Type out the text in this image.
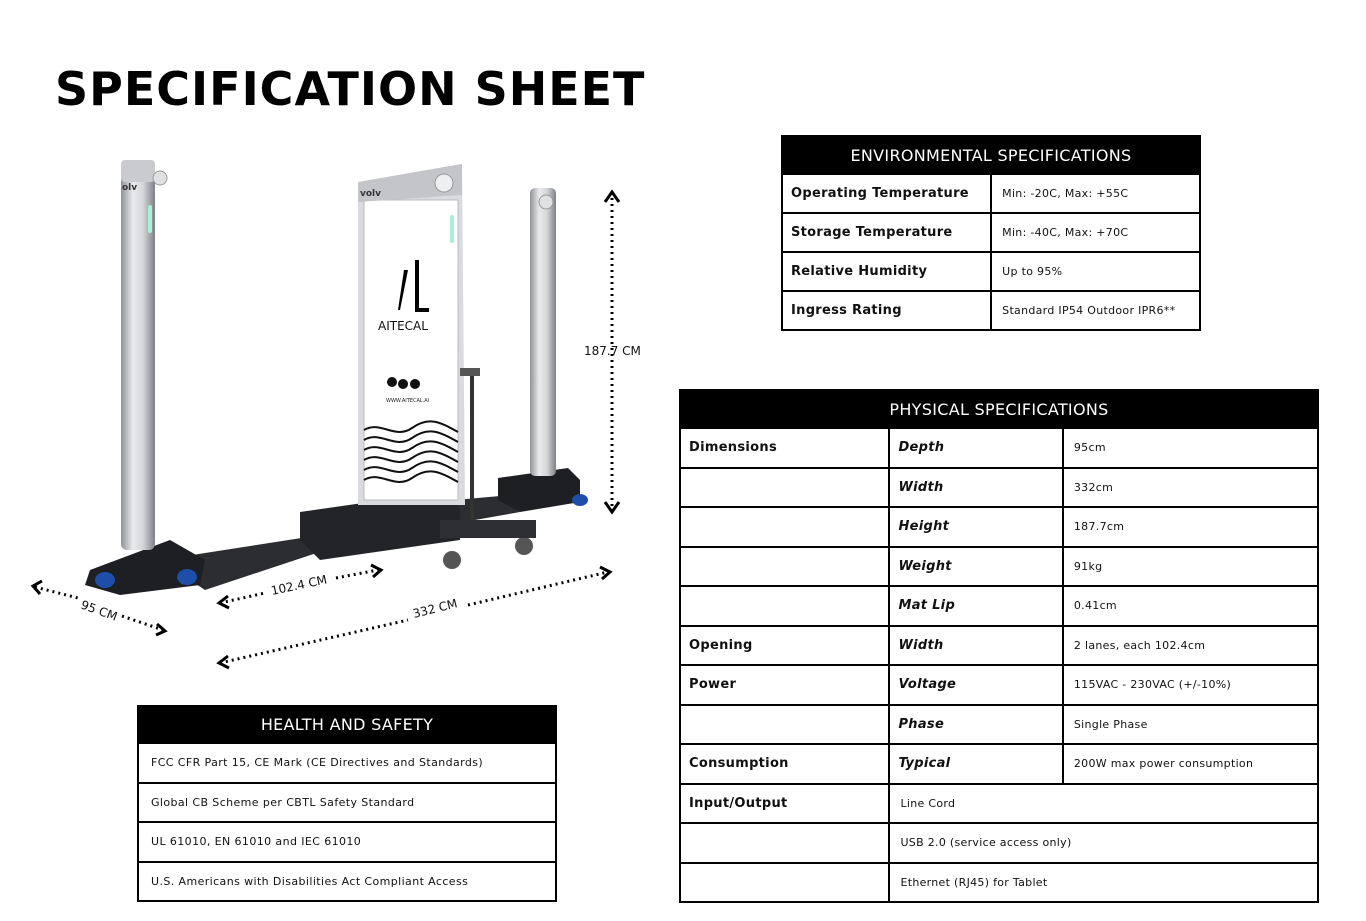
SPECIFICATION SHEET
olv
volv
AITECAL
WWW.AITECAL.AI
187.7 CM
95 CM
102.4 CM
332 CM
ENVIRONMENTAL SPECIFICATIONS	
Operating Temperature	Min: -20C, Max: +55C
Storage Temperature	Min: -40C, Max: +70C
Relative Humidity	Up to 95%
Ingress Rating	Standard IP54 Outdoor IPR6**
PHYSICAL SPECIFICATIONS		
Dimensions	Depth	95cm
	Width	332cm
	Height	187.7cm
	Weight	91kg
	Mat Lip	0.41cm
Opening	Width	2 lanes, each 102.4cm
Power	Voltage	115VAC - 230VAC (+/-10%)
	Phase	Single Phase
Consumption	Typical	200W max power consumption
Input/Output	Line Cord	
	USB 2.0 (service access only)	
	Ethernet (RJ45) for Tablet	
HEALTH AND SAFETY
FCC CFR Part 15, CE Mark (CE Directives and Standards)
Global CB Scheme per CBTL Safety Standard
UL 61010, EN 61010 and IEC 61010
U.S. Americans with Disabilities Act Compliant Access
